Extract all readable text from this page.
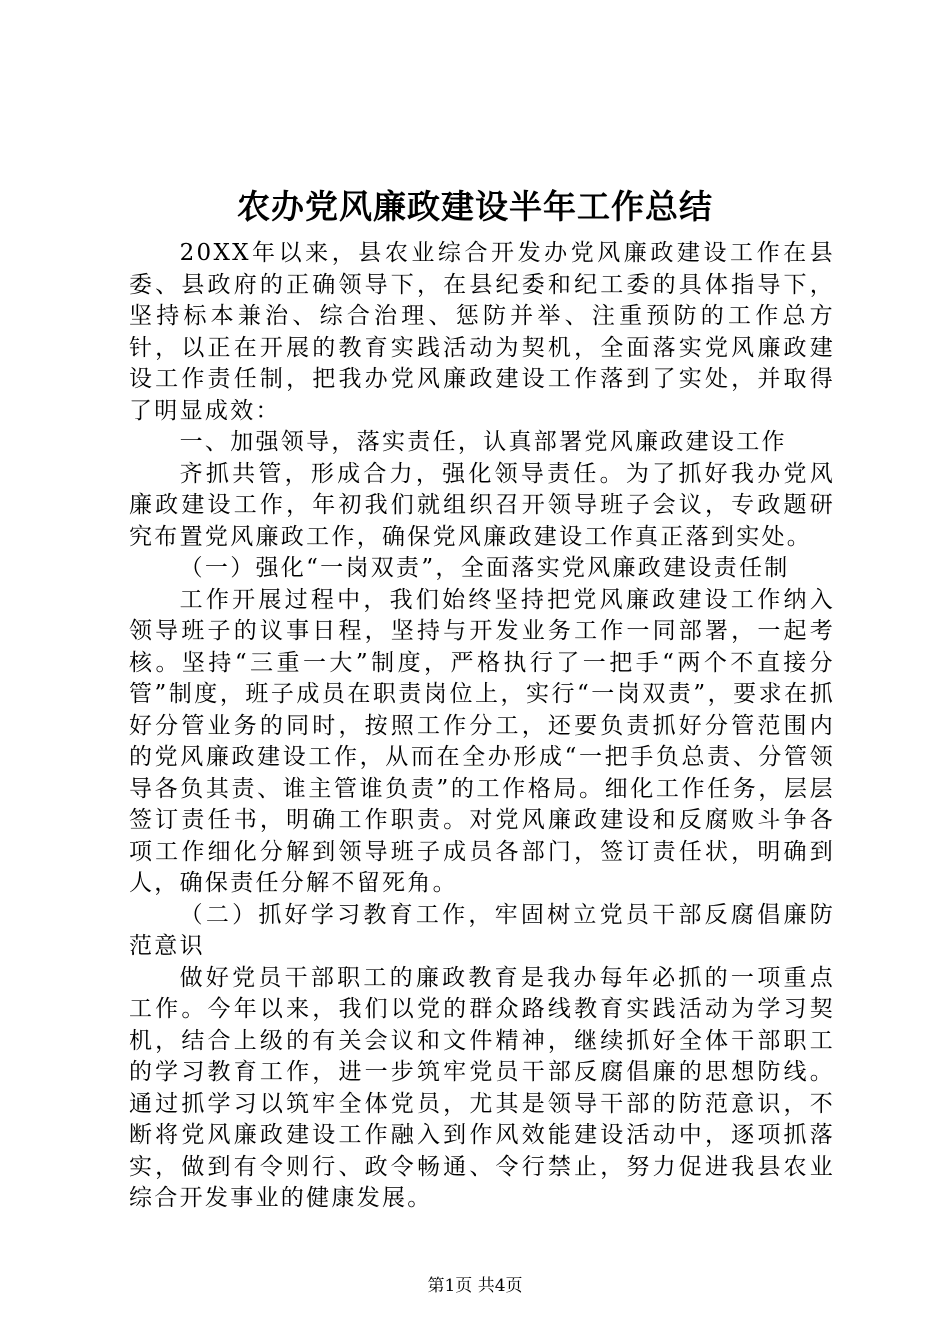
农办党风廉政建设半年工作总结

20XX年以来，县农业综合开发办党风廉政建设工作在县委、县政府的正确领导下，在县纪委和纪工委的具体指导下，坚持标本兼治、综合治理、惩防并举、注重预防的工作总方针，以正在开展的教育实践活动为契机，全面落实党风廉政建设工作责任制，把我办党风廉政建设工作落到了实处，并取得了明显成效：

一、加强领导，落实责任，认真部署党风廉政建设工作

齐抓共管，形成合力，强化领导责任。为了抓好我办党风廉政建设工作，年初我们就组织召开领导班子会议，专政题研究布置党风廉政工作，确保党风廉政建设工作真正落到实处。

（一）强化“一岗双责”，全面落实党风廉政建设责任制

工作开展过程中，我们始终坚持把党风廉政建设工作纳入领导班子的议事日程，坚持与开发业务工作一同部署，一起考核。坚持“三重一大”制度，严格执行了一把手“两个不直接分管”制度，班子成员在职责岗位上，实行“一岗双责”，要求在抓好分管业务的同时，按照工作分工，还要负责抓好分管范围内的党风廉政建设工作，从而在全办形成“一把手负总责、分管领导各负其责、谁主管谁负责”的工作格局。细化工作任务，层层签订责任书，明确工作职责。对党风廉政建设和反腐败斗争各项工作细化分解到领导班子成员各部门，签订责任状，明确到人，确保责任分解不留死角。

（二）抓好学习教育工作，牢固树立党员干部反腐倡廉防范意识

做好党员干部职工的廉政教育是我办每年必抓的一项重点工作。今年以来，我们以党的群众路线教育实践活动为学习契机，结合上级的有关会议和文件精神，继续抓好全体干部职工的学习教育工作，进一步筑牢党员干部反腐倡廉的思想防线。通过抓学习以筑牢全体党员，尤其是领导干部的防范意识，不断将党风廉政建设工作融入到作风效能建设活动中，逐项抓落实，做到有令则行、政令畅通、令行禁止，努力促进我县农业综合开发事业的健康发展。

第1页 共4页
